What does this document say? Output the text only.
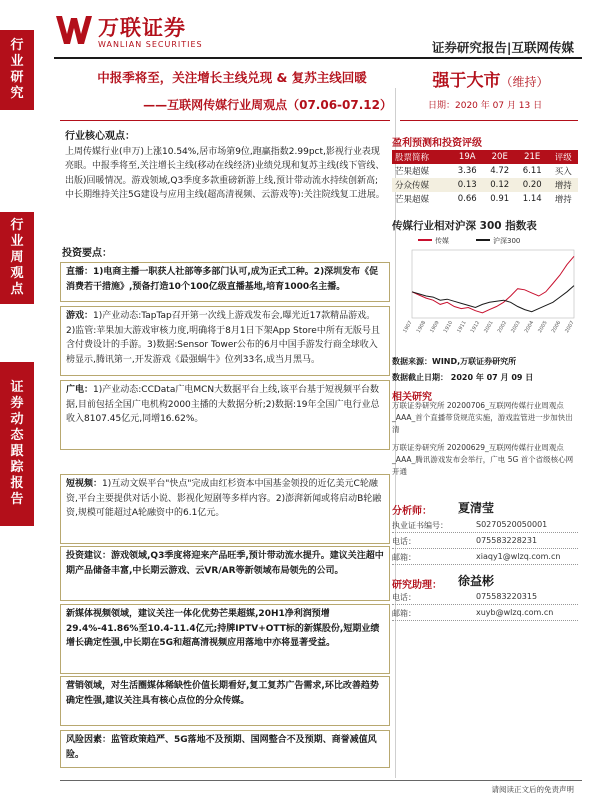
万联证券
WANLIAN SECURITIES	证券研究报告|互联网传媒
行业研究
行业周观点
证券动态跟踪报告
中报季将至，关注增长主线兑现 & 复苏主线回暖
——互联网传媒行业周观点（07.06-07.12）
强于大市（维持）
日期：2020 年 07 月 13 日

行业核心观点：

上周传媒行业(申万)上涨10.54%,居市场第9位,跑赢指数2.99pct,影视行业表现亮眼。中报季将至,关注增长主线(移动在线经济)业绩兑现和复苏主线(线下管线、出版)回暖情况。游戏领域,Q3季度多款重磅新游上线,预计带动流水持续创新高;中长期维持关注5G建设与应用主线(超高清视频、云游戏等):关注院线复工进展。

投资要点：

直播：1)电商主播一职获人社部等多部门认可,成为正式工种。2)深圳发布《促消费若干措施》,预备打造10个100亿级直播基地,培育1000名主播。

游戏：1)产业动态:TapTap召开第一次线上游戏发布会,曝光近17款精品游戏。2)监管:苹果加大游戏审核力度,明确将于8月1日下架App Store中所有无版号且含付费设计的手游。3)数据:Sensor Tower公布的6月中国手游发行商全球收入榜显示,腾讯第一,开发游戏《最强蜗牛》位列33名,成当月黑马。

广电：1)产业动态:CCData广电MCN大数据平台上线,该平台基于短视频平台数据,目前包括全国广电机构2000主播的大数据分析;2)数据:19年全国广电行业总收入8107.45亿元,同增16.62%。

短视频：1)互动文娱平台"快点"完成由红杉资本中国基金领投的近亿美元C轮融资,平台主要提供对话小说、影视化短剧等多样内容。2)澎湃新闻或将启动B轮融资,规模可能超过A轮融资中的6.1亿元。

投资建议：游戏领域,Q3季度将迎来产品旺季,预计带动流水提升。建议关注超中期产品储备丰富,中长期云游戏、云VR/AR等新领域布局领先的公司。

新媒体视频领域，建议关注一体化优势芒果超媒,20H1净利润预增29.4%-41.86%至10.4-11.4亿元;持牌IPTV+OTT标的新媒股份,短期业绩增长确定性强,中长期在5G和超高清视频应用落地中亦将显著受益。

营销领域，对生活圈媒体稀缺性价值长期看好,复工复苏广告需求,环比改善趋势确定性强,建议关注具有核心点位的分众传媒。

风险因素：监管政策趋严、5G落地不及预期、国网整合不及预期、商誉减值风险。

盈利预测和投资评级
股票简称	19A	20E	21E	评级
芒果超媒	3.36	4.72	6.11	买入
分众传媒	0.13	0.12	0.20	增持
芒果超媒	0.66	0.91	1.14	增持
传媒行业相对沪深 300 指数表
传媒	沪深300
1907 1908 1909 1910 1911 1912 2001 2002 2003 2004 2005 2006 2007
数据来源：WIND,万联证券研究所
数据截止日期： 2020 年 07 月 09 日
相关研究
万联证券研究所 20200706_互联网传媒行业周观点_AAA_首个直播带货规范实施，游戏监管进一步加快出清
万联证券研究所 20200629_互联网传媒行业周观点_AAA_腾讯游戏发布会举行，广电 5G 首个省级核心网开通
分析师： 夏清莹
执业证书编号：	S0270520050001
电话：	075583228231
邮箱：	xiaqy1@wlzq.com.cn
研究助理： 徐益彬
电话：	075583220315
邮箱：	xuyb@wlzq.com.cn
请阅读正文后的免责声明
